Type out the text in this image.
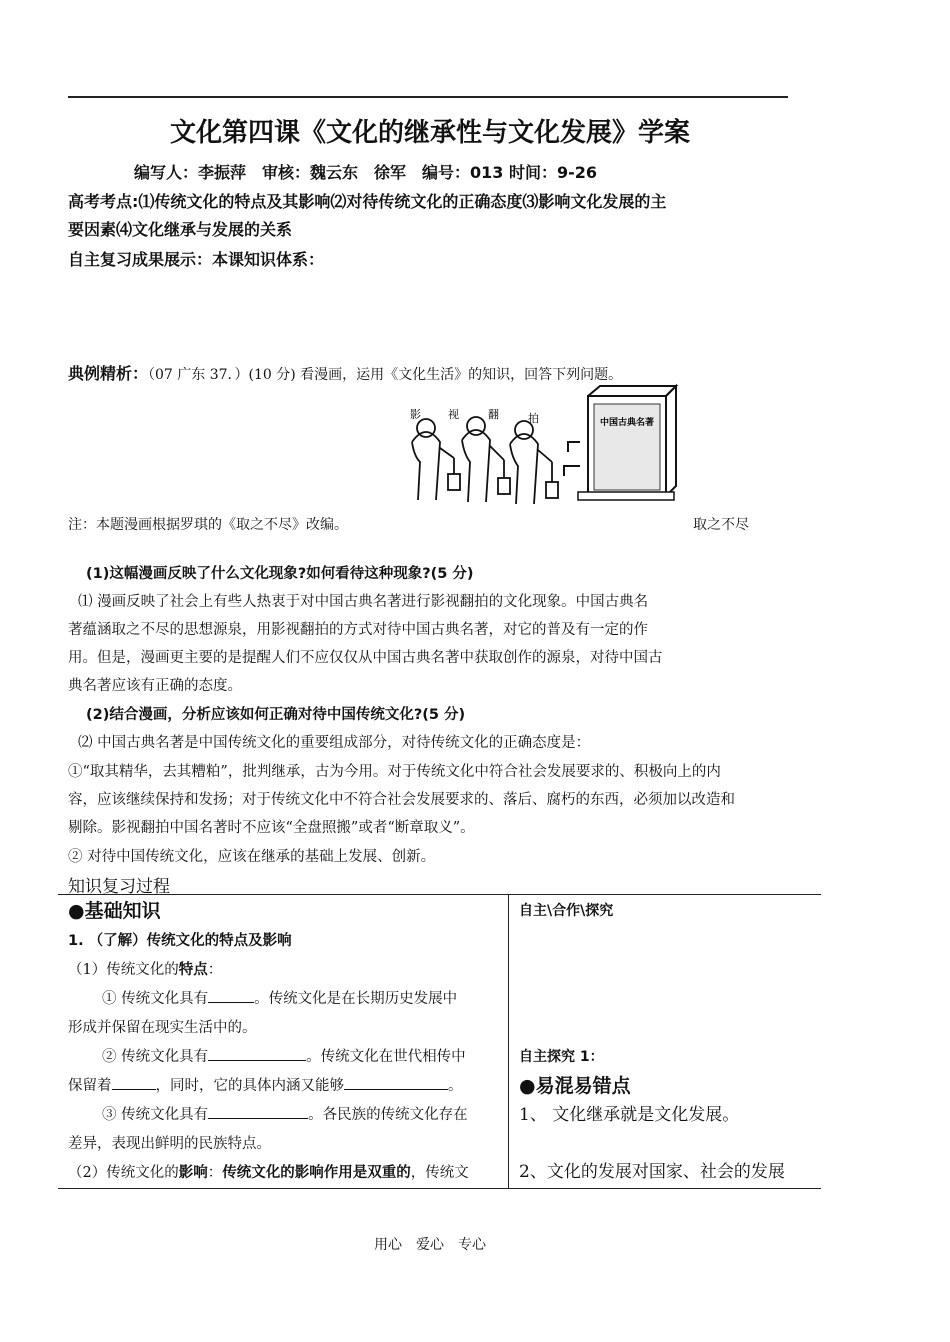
文化第四课《文化的继承性与文化发展》学案
编写人：李振萍　审核：魏云东　徐军　编号：013 时间：9-26
高考考点:⑴传统文化的特点及其影响⑵对待传统文化的正确态度⑶影响文化发展的主
要因素⑷文化继承与发展的关系
自主复习成果展示：本课知识体系：
典例精析：（07 广东 37．）(10 分) 看漫画，运用《文化生活》的知识，回答下列问题。
中国古典名著
影 视	翻	拍
注：本题漫画根据罗琪的《取之不尽》改编。	取之不尽
(1)这幅漫画反映了什么文化现象?如何看待这种现象?(5 分)
⑴ 漫画反映了社会上有些人热衷于对中国古典名著进行影视翻拍的文化现象。中国古典名
著蕴涵取之不尽的思想源泉，用影视翻拍的方式对待中国古典名著，对它的普及有一定的作
用。但是，漫画更主要的是提醒人们不应仅仅从中国古典名著中获取创作的源泉，对待中国古
典名著应该有正确的态度。
(2)结合漫画，分析应该如何正确对待中国传统文化?(5 分)
⑵ 中国古典名著是中国传统文化的重要组成部分，对待传统文化的正确态度是：
①“取其精华，去其糟粕”，批判继承，古为今用。对于传统文化中符合社会发展要求的、积极向上的内
容，应该继续保持和发扬；对于传统文化中不符合社会发展要求的、落后、腐朽的东西，必须加以改造和
剔除。影视翻拍中国名著时不应该“全盘照搬”或者“断章取义”。
② 对待中国传统文化，应该在继承的基础上发展、创新。
知识复习过程
●基础知识
1. （了解）传统文化的特点及影响
（1）传统文化的特点：
① 传统文化具有	。传统文化是在长期历史发展中
形成并保留在现实生活中的。
② 传统文化具有	。传统文化在世代相传中
保留着	，同时，它的具体内涵又能够	。
③ 传统文化具有	。各民族的传统文化存在
差异，表现出鲜明的民族特点。
（2）传统文化的影响：传统文化的影响作用是双重的，传统文

自主\合作\探究
自主探究 1：
●易混易错点
1、 文化继承就是文化发展。
2、文化的发展对国家、社会的发展
用心　爱心　专心
